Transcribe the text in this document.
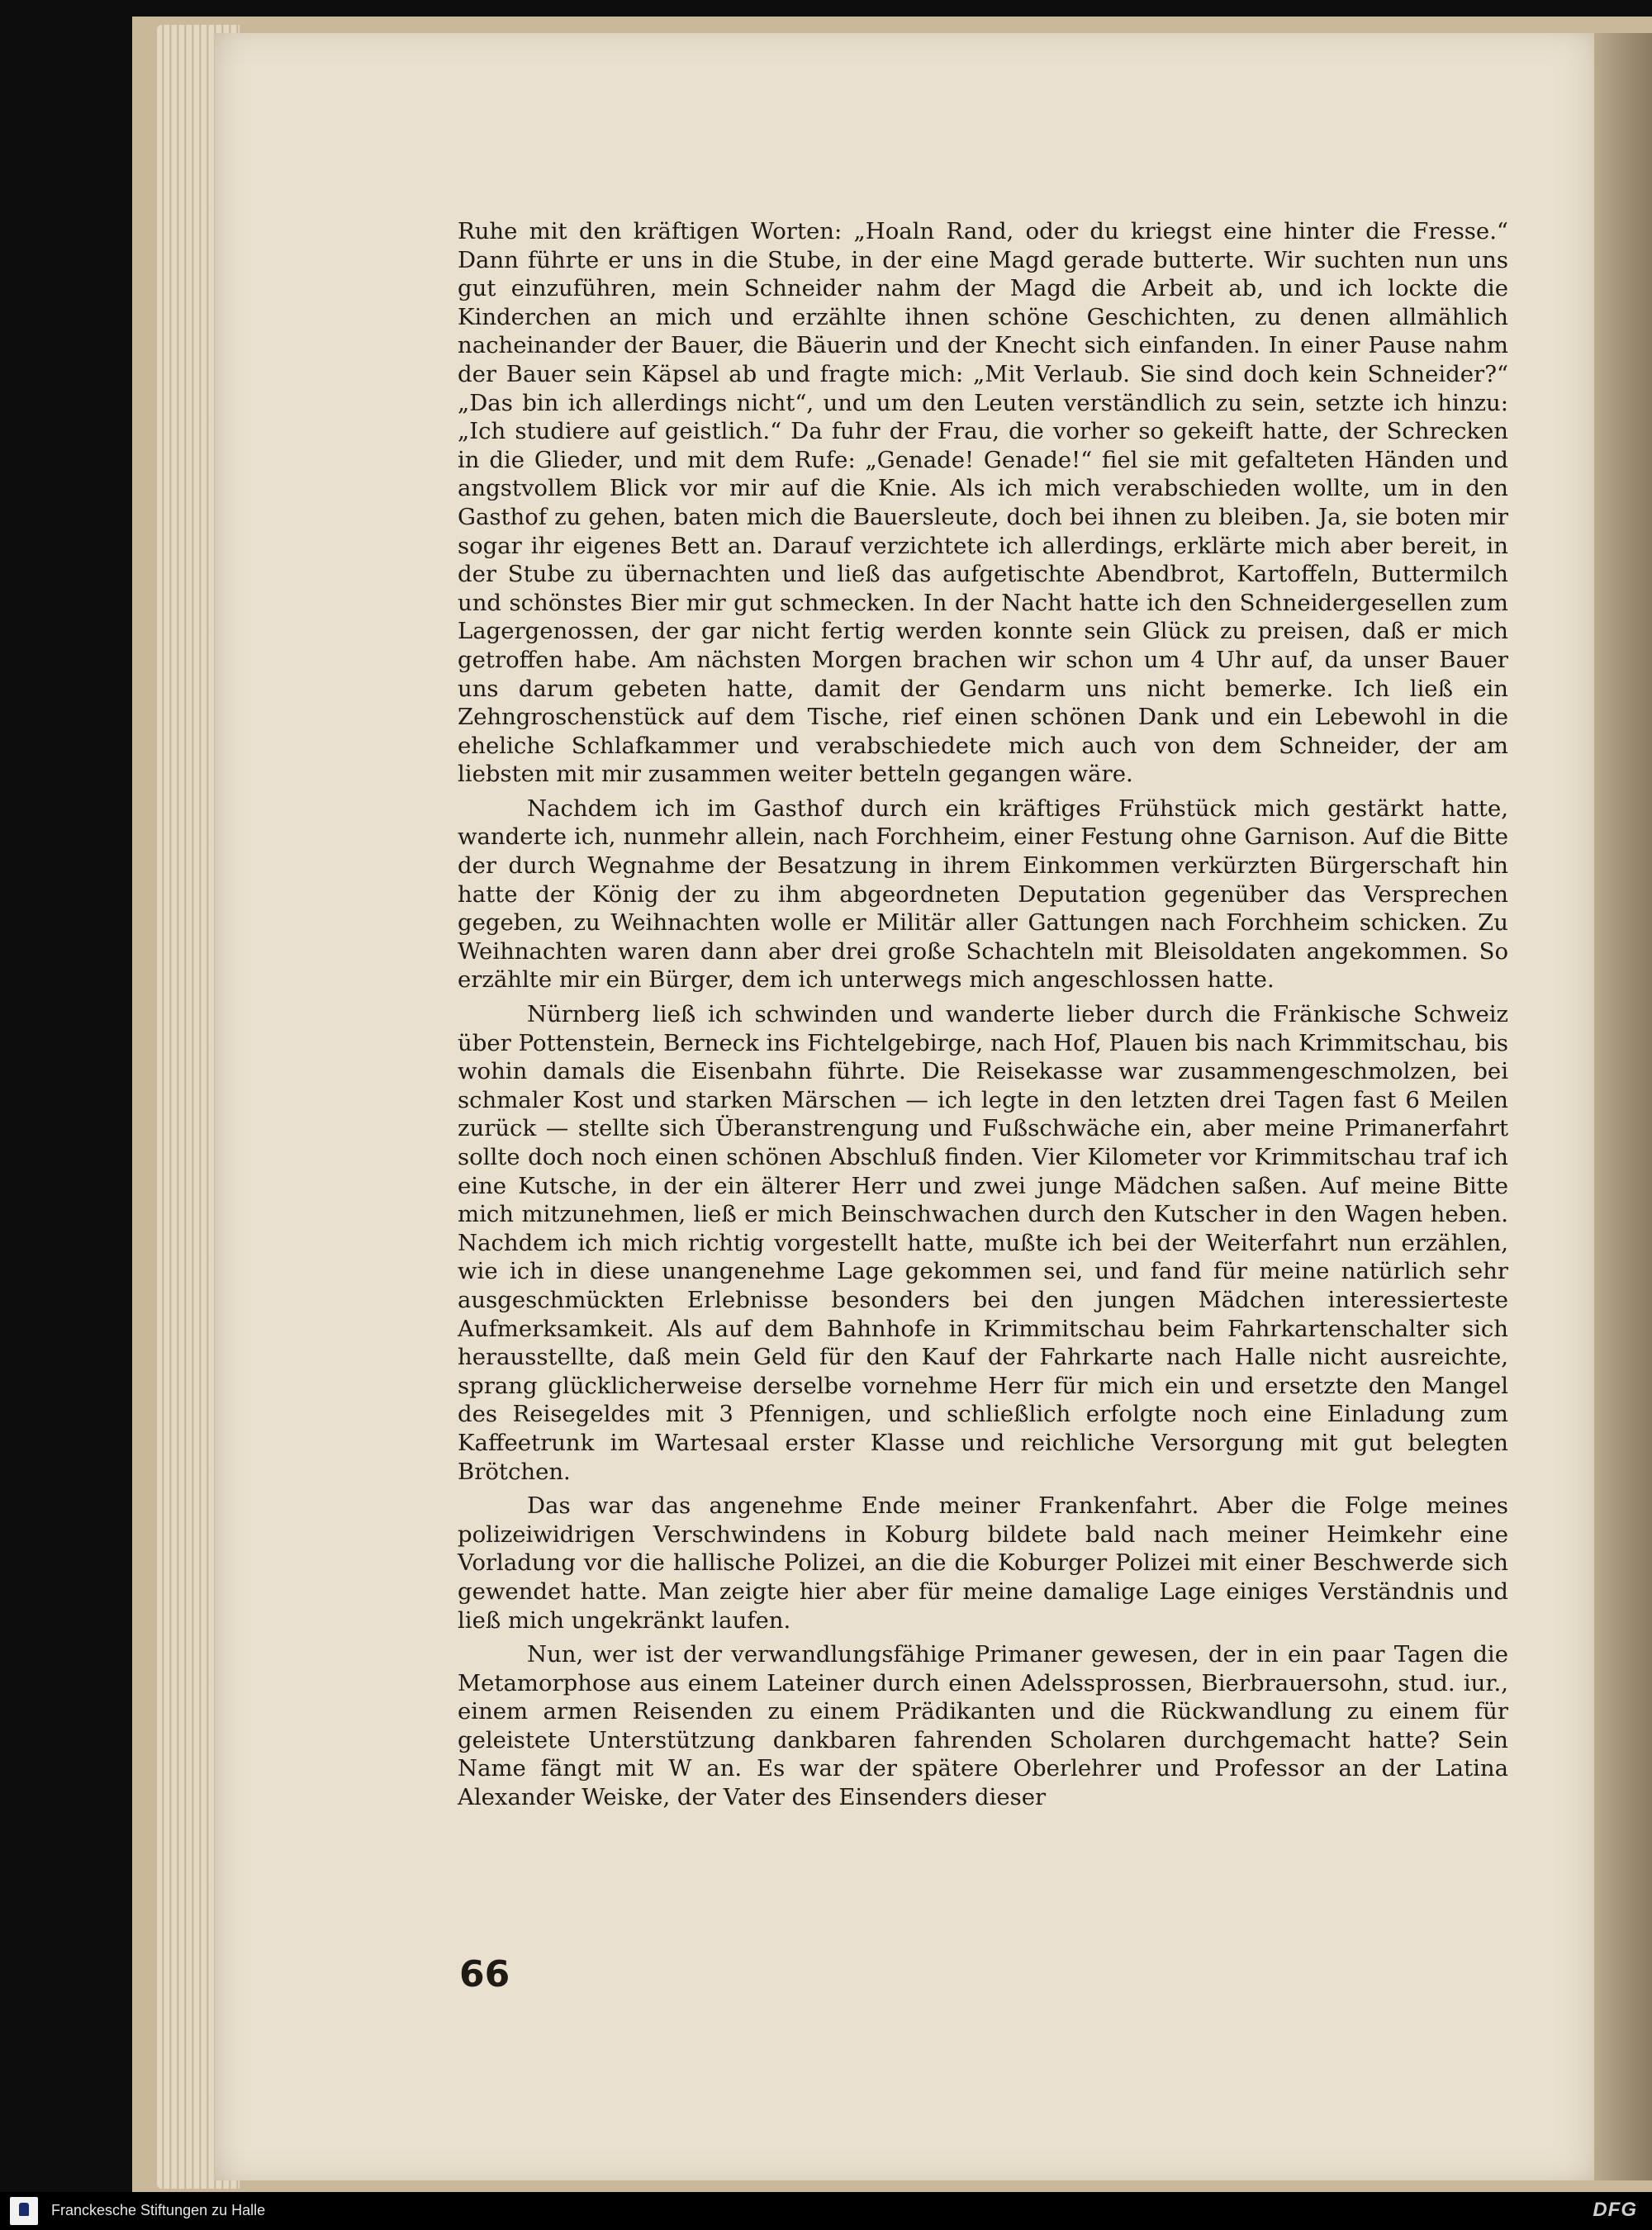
Ruhe mit den kräftigen Worten: „Hoaln Rand, oder du kriegst eine hinter die Fresse.“ Dann führte er uns in die Stube, in der eine Magd gerade butterte. Wir suchten nun uns gut einzuführen, mein Schneider nahm der Magd die Arbeit ab, und ich lockte die Kinderchen an mich und erzählte ihnen schöne Geschichten, zu denen allmählich nacheinander der Bauer, die Bäuerin und der Knecht sich einfanden. In einer Pause nahm der Bauer sein Käpsel ab und fragte mich: „Mit Verlaub. Sie sind doch kein Schneider?“ „Das bin ich allerdings nicht“, und um den Leuten verständlich zu sein, setzte ich hinzu: „Ich studiere auf geistlich.“ Da fuhr der Frau, die vorher so gekeift hatte, der Schrecken in die Glieder, und mit dem Rufe: „Genade! Genade!“ fiel sie mit gefalteten Händen und angstvollem Blick vor mir auf die Knie. Als ich mich verabschieden wollte, um in den Gasthof zu gehen, baten mich die Bauersleute, doch bei ihnen zu bleiben. Ja, sie boten mir sogar ihr eigenes Bett an. Darauf verzichtete ich allerdings, erklärte mich aber bereit, in der Stube zu übernachten und ließ das aufgetischte Abendbrot, Kartoffeln, Buttermilch und schönstes Bier mir gut schmecken. In der Nacht hatte ich den Schneidergesellen zum Lagergenossen, der gar nicht fertig werden konnte sein Glück zu preisen, daß er mich getroffen habe. Am nächsten Morgen brachen wir schon um 4 Uhr auf, da unser Bauer uns darum gebeten hatte, damit der Gendarm uns nicht bemerke. Ich ließ ein Zehngroschenstück auf dem Tische, rief einen schönen Dank und ein Lebewohl in die eheliche Schlafkammer und verabschiedete mich auch von dem Schneider, der am liebsten mit mir zusammen weiter betteln gegangen wäre.

Nachdem ich im Gasthof durch ein kräftiges Frühstück mich gestärkt hatte, wanderte ich, nunmehr allein, nach Forchheim, einer Festung ohne Garnison. Auf die Bitte der durch Wegnahme der Besatzung in ihrem Einkommen verkürzten Bürgerschaft hin hatte der König der zu ihm abgeordneten Deputation gegenüber das Versprechen gegeben, zu Weihnachten wolle er Militär aller Gattungen nach Forchheim schicken. Zu Weihnachten waren dann aber drei große Schachteln mit Bleisoldaten angekommen. So erzählte mir ein Bürger, dem ich unterwegs mich angeschlossen hatte.

Nürnberg ließ ich schwinden und wanderte lieber durch die Fränkische Schweiz über Pottenstein, Berneck ins Fichtelgebirge, nach Hof, Plauen bis nach Krimmitschau, bis wohin damals die Eisenbahn führte. Die Reisekasse war zusammengeschmolzen, bei schmaler Kost und starken Märschen — ich legte in den letzten drei Tagen fast 6 Meilen zurück — stellte sich Überanstrengung und Fußschwäche ein, aber meine Primanerfahrt sollte doch noch einen schönen Abschluß finden. Vier Kilometer vor Krimmitschau traf ich eine Kutsche, in der ein älterer Herr und zwei junge Mädchen saßen. Auf meine Bitte mich mitzunehmen, ließ er mich Beinschwachen durch den Kutscher in den Wagen heben. Nachdem ich mich richtig vorgestellt hatte, mußte ich bei der Weiterfahrt nun erzählen, wie ich in diese unangenehme Lage gekommen sei, und fand für meine natürlich sehr ausgeschmückten Erlebnisse besonders bei den jungen Mädchen interessierteste Aufmerksamkeit. Als auf dem Bahnhofe in Krimmitschau beim Fahrkartenschalter sich herausstellte, daß mein Geld für den Kauf der Fahrkarte nach Halle nicht ausreichte, sprang glücklicherweise derselbe vornehme Herr für mich ein und ersetzte den Mangel des Reisegeldes mit 3 Pfennigen, und schließlich erfolgte noch eine Einladung zum Kaffeetrunk im Wartesaal erster Klasse und reichliche Versorgung mit gut belegten Brötchen.

Das war das angenehme Ende meiner Frankenfahrt. Aber die Folge meines polizeiwidrigen Verschwindens in Koburg bildete bald nach meiner Heimkehr eine Vorladung vor die hallische Polizei, an die die Koburger Polizei mit einer Beschwerde sich gewendet hatte. Man zeigte hier aber für meine damalige Lage einiges Verständnis und ließ mich ungekränkt laufen.

Nun, wer ist der verwandlungsfähige Primaner gewesen, der in ein paar Tagen die Metamorphose aus einem Lateiner durch einen Adelssprossen, Bierbrauersohn, stud. iur., einem armen Reisenden zu einem Prädikanten und die Rückwandlung zu einem für geleistete Unterstützung dankbaren fahrenden Scholaren durchgemacht hatte? Sein Name fängt mit W an. Es war der spätere Oberlehrer und Professor an der Latina Alexander Weiske, der Vater des Einsenders dieser

66
Franckesche Stiftungen zu Halle	DFG
